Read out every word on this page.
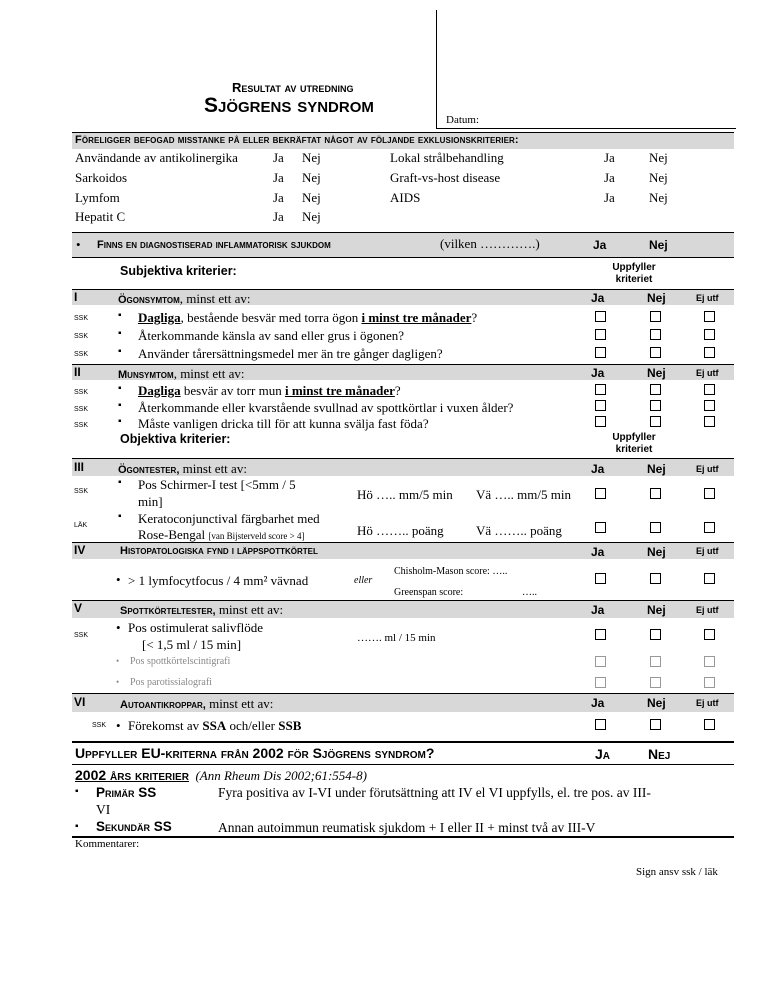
Resultat av utredning
Sjögrens syndrom
Datum:
Föreligger befogad misstanke på eller bekräftat något av följande exklusionskriterier:
Användande av antikolinergika	Ja Nej
Sarkoidos	Ja Nej
Lymfom	Ja Nej
Hepatit C	Ja Nej
Lokal strålbehandling	Ja	Nej
Graft-vs-host disease	Ja	Nej
AIDS	Ja	Nej
• Finns en diagnostiserad inflammatorisk sjukdom	(vilken ………….)	Ja	Nej
Subjektiva kriterier:	Uppfyller kriteriet
I	Ögonsymtom, minst ett av:	Ja	Nej	Ej utf
SSK	▪ Dagliga, bestående besvär med torra ögon i minst tre månader?
SSK	▪ Återkommande känsla av sand eller grus i ögonen?
SSK	▪ Använder tårersättningsmedel mer än tre gånger dagligen?
II	Munsymtom, minst ett av:	Ja	Nej	Ej utf
SSK	▪ Dagliga besvär av torr mun i minst tre månader?
SSK	▪ Återkommande eller kvarstående svullnad av spottkörtlar i vuxen ålder?
SSK	▪ Måste vanligen dricka till för att kunna svälja fast föda?
Objektiva kriterier:	Uppfyller kriteriet
III	Ögontester, minst ett av:	Ja	Nej	Ej utf
SSK
▪ Pos Schirmer-I test [<5mm / 5
min]	Hö ….. mm/5 min Vä ….. mm/5 min
LÄK
▪ Keratoconjunctival färgbarhet med
Rose-Bengal [van Bijsterveld score > 4]	Hö …….. poäng Vä …….. poäng
IV	Histopatologiska fynd i läppspottkörtel	Ja	Nej	Ej utf
• > 1 lymfocytfocus / 4 mm² vävnad	eller
Chisholm-Mason score: …..
Greenspan score:	…..
V	Spottkörteltester, minst ett av:	Ja	Nej	Ej utf
SSK
• Pos ostimulerat salivflöde
[< 1,5 ml / 15 min]	……. ml / 15 min
• Pos spottkörtelscintigrafi
• Pos parotissialografi
VI	Autoantikroppar, minst ett av:	Ja	Nej	Ej utf
SSK • Förekomst av SSA och/eller SSB
Uppfyller EU-kriterna från 2002 för Sjögrens syndrom?	Ja	Nej
2002 års kriterier (Ann Rheum Dis 2002;61:554-8)
▪ Primär SS	Fyra positiva av I-VI under förutsättning att IV el VI uppfylls, el. tre pos. av III-
VI
▪ Sekundär SS	Annan autoimmun reumatisk sjukdom + I eller II + minst två av III-V
Kommentarer:
Sign ansv ssk / läk
